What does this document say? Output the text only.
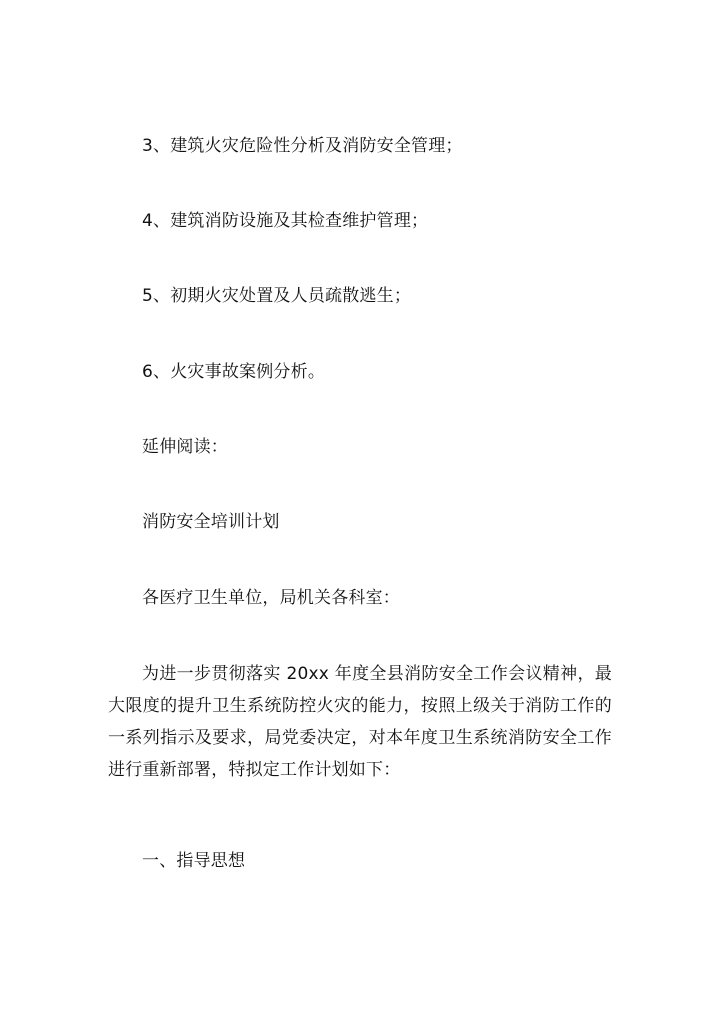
3、建筑火灾危险性分析及消防安全管理；
4、建筑消防设施及其检查维护管理；
5、初期火灾处置及人员疏散逃生；
6、火灾事故案例分析。
延伸阅读：
消防安全培训计划
各医疗卫生单位，局机关各科室：
为进一步贯彻落实 20xx 年度全县消防安全工作会议精神，最大限度的提升卫生系统防控火灾的能力，按照上级关于消防工作的一系列指示及要求，局党委决定，对本年度卫生系统消防安全工作进行重新部署，特拟定工作计划如下：
一、指导思想
